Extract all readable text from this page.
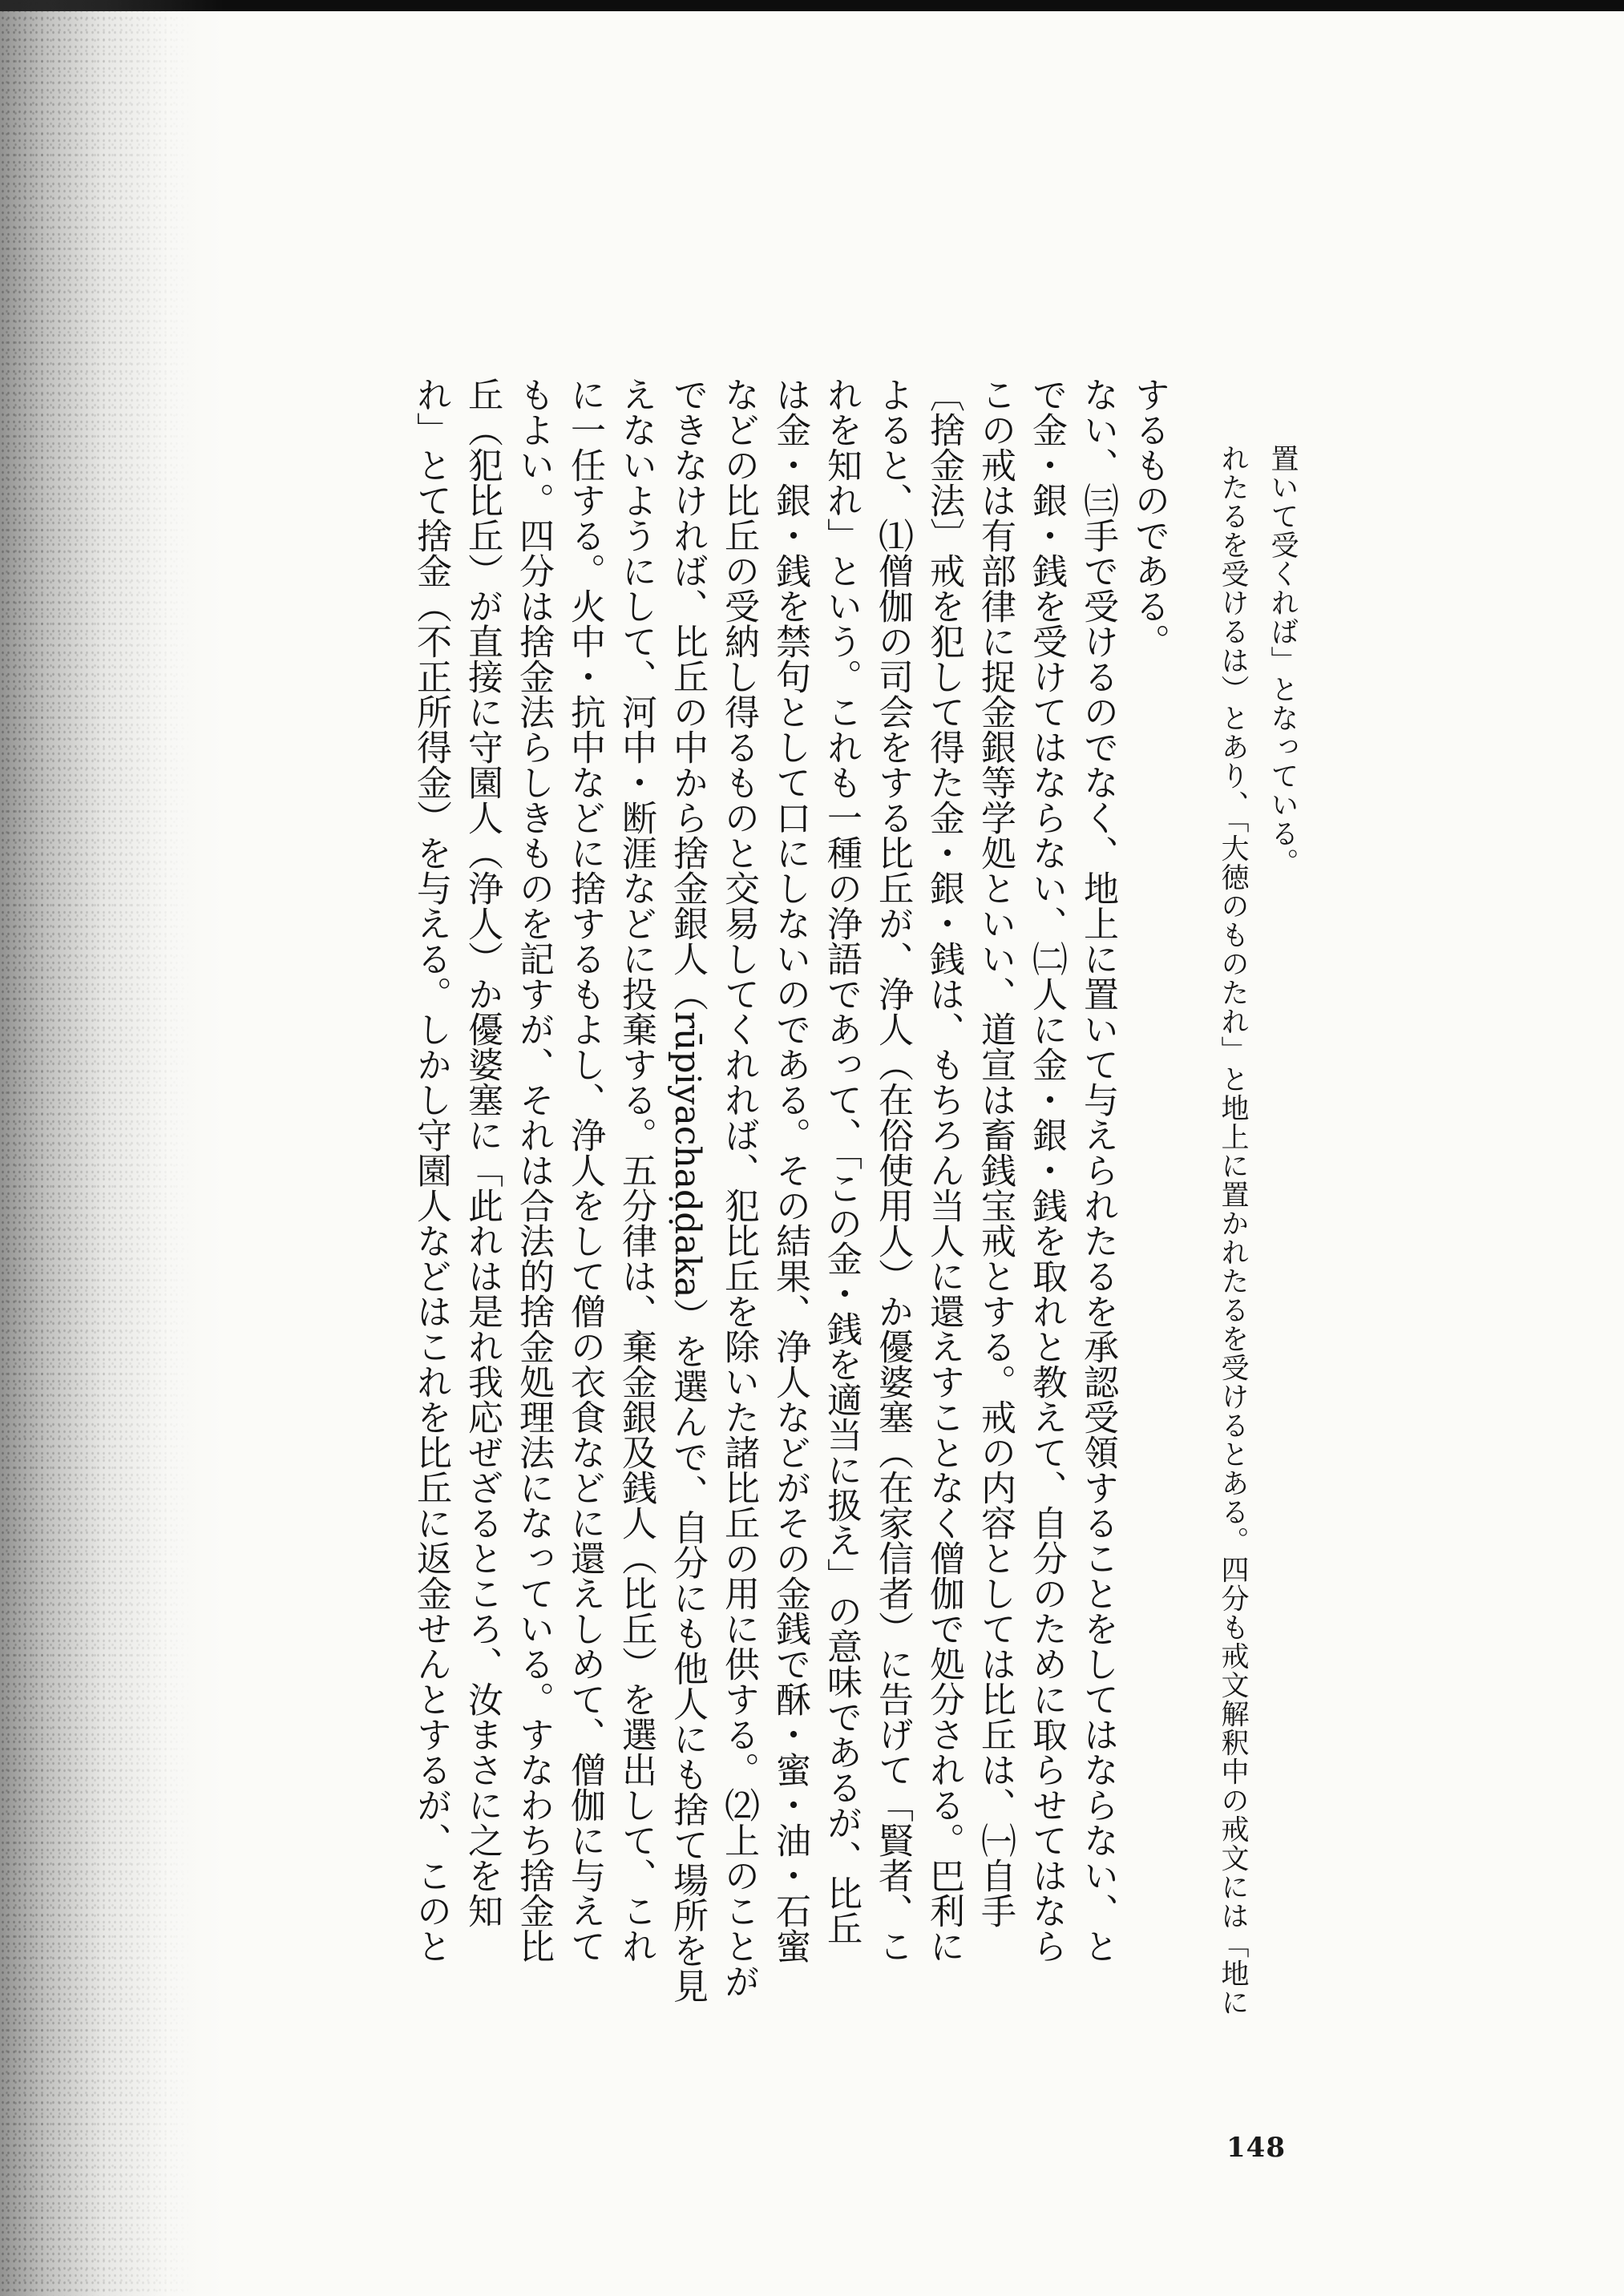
置いて受くれば」となっている。
れたるを受けるは）とあり、「大徳のものたれ」と地上に置かれたるを受けるとある。四分も戒文解釈中の戒文には「地に
するものである。
ない、㈢手で受けるのでなく、地上に置いて与えられたるを承認受領することをしてはならない、と
で金・銀・銭を受けてはならない、㈡人に金・銀・銭を取れと教えて、自分のために取らせてはなら
この戒は有部律に捉金銀等学処といい、道宣は畜銭宝戒とする。戒の内容としては比丘は、㈠自手
〔捨金法〕戒を犯して得た金・銀・銭は、もちろん当人に還えすことなく僧伽で処分される。巴利に
よると、⑴僧伽の司会をする比丘が、浄人（在俗使用人）か優婆塞（在家信者）に告げて「賢者、こ
れを知れ」という。これも一種の浄語であって、「この金・銭を適当に扱え」の意味であるが、比丘
は金・銀・銭を禁句として口にしないのである。その結果、浄人などがその金銭で酥・蜜・油・石蜜
などの比丘の受納し得るものと交易してくれれば、犯比丘を除いた諸比丘の用に供する。⑵上のことが
できなければ、比丘の中から捨金銀人（rūpiyachaḍḍaka）を選んで、自分にも他人にも捨て場所を見
えないようにして、河中・断涯などに投棄する。五分律は、棄金銀及銭人（比丘）を選出して、これ
に一任する。火中・抗中などに捨するもよし、浄人をして僧の衣食などに還えしめて、僧伽に与えて
もよい。四分は捨金法らしきものを記すが、それは合法的捨金処理法になっている。すなわち捨金比
丘（犯比丘）が直接に守園人（浄人）か優婆塞に「此れは是れ我応ぜざるところ、汝まさに之を知
れ」とて捨金（不正所得金）を与える。しかし守園人などはこれを比丘に返金せんとするが、このと
148
